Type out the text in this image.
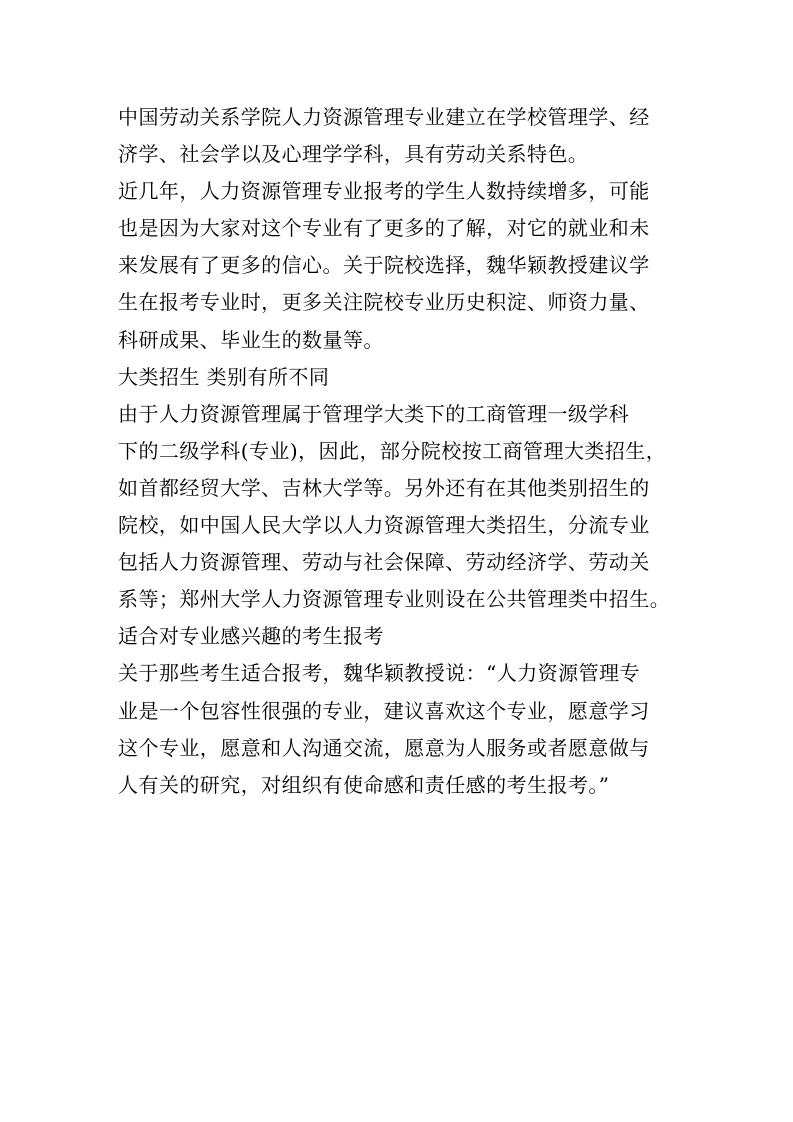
中国劳动关系学院人力资源管理专业建立在学校管理学、经
济学、社会学以及心理学学科，具有劳动关系特色。
近几年，人力资源管理专业报考的学生人数持续增多，可能
也是因为大家对这个专业有了更多的了解，对它的就业和未
来发展有了更多的信心。关于院校选择，魏华颖教授建议学
生在报考专业时，更多关注院校专业历史积淀、师资力量、
科研成果、毕业生的数量等。
大类招生 类别有所不同
由于人力资源管理属于管理学大类下的工商管理一级学科
下的二级学科(专业)，因此，部分院校按工商管理大类招生，
如首都经贸大学、吉林大学等。另外还有在其他类别招生的
院校，如中国人民大学以人力资源管理大类招生，分流专业
包括人力资源管理、劳动与社会保障、劳动经济学、劳动关
系等；郑州大学人力资源管理专业则设在公共管理类中招生。
适合对专业感兴趣的考生报考
关于那些考生适合报考，魏华颖教授说：“人力资源管理专
业是一个包容性很强的专业，建议喜欢这个专业，愿意学习
这个专业，愿意和人沟通交流，愿意为人服务或者愿意做与
人有关的研究，对组织有使命感和责任感的考生报考。”
